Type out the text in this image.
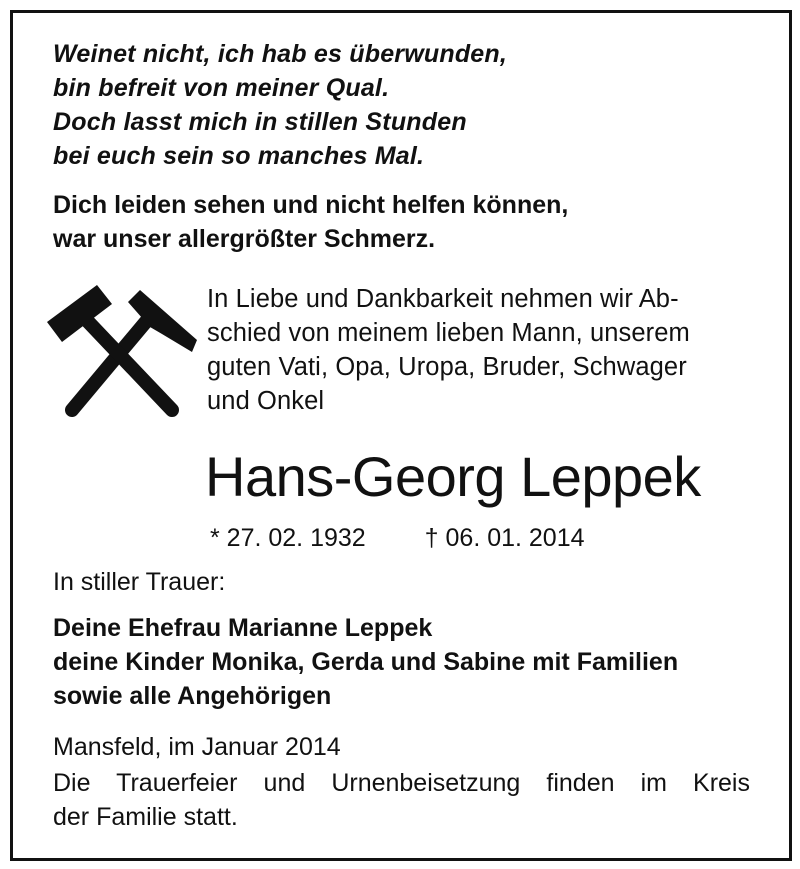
Weinet nicht, ich hab es überwunden,
bin befreit von meiner Qual.
Doch lasst mich in stillen Stunden
bei euch sein so manches Mal.
Dich leiden sehen und nicht helfen können,
war unser allergrößter Schmerz.
In Liebe und Dankbarkeit nehmen wir Ab-
schied von meinem lieben Mann, unserem
guten Vati, Opa, Uropa, Bruder, Schwager
und Onkel
Hans-Georg Leppek
* 27. 02. 1932 † 06. 01. 2014
In stiller Trauer:
Deine Ehefrau Marianne Leppek
deine Kinder Monika, Gerda und Sabine mit Familien
sowie alle Angehörigen
Mansfeld, im Januar 2014
Die Trauerfeier und Urnenbeisetzung finden im Kreis
der Familie statt.
